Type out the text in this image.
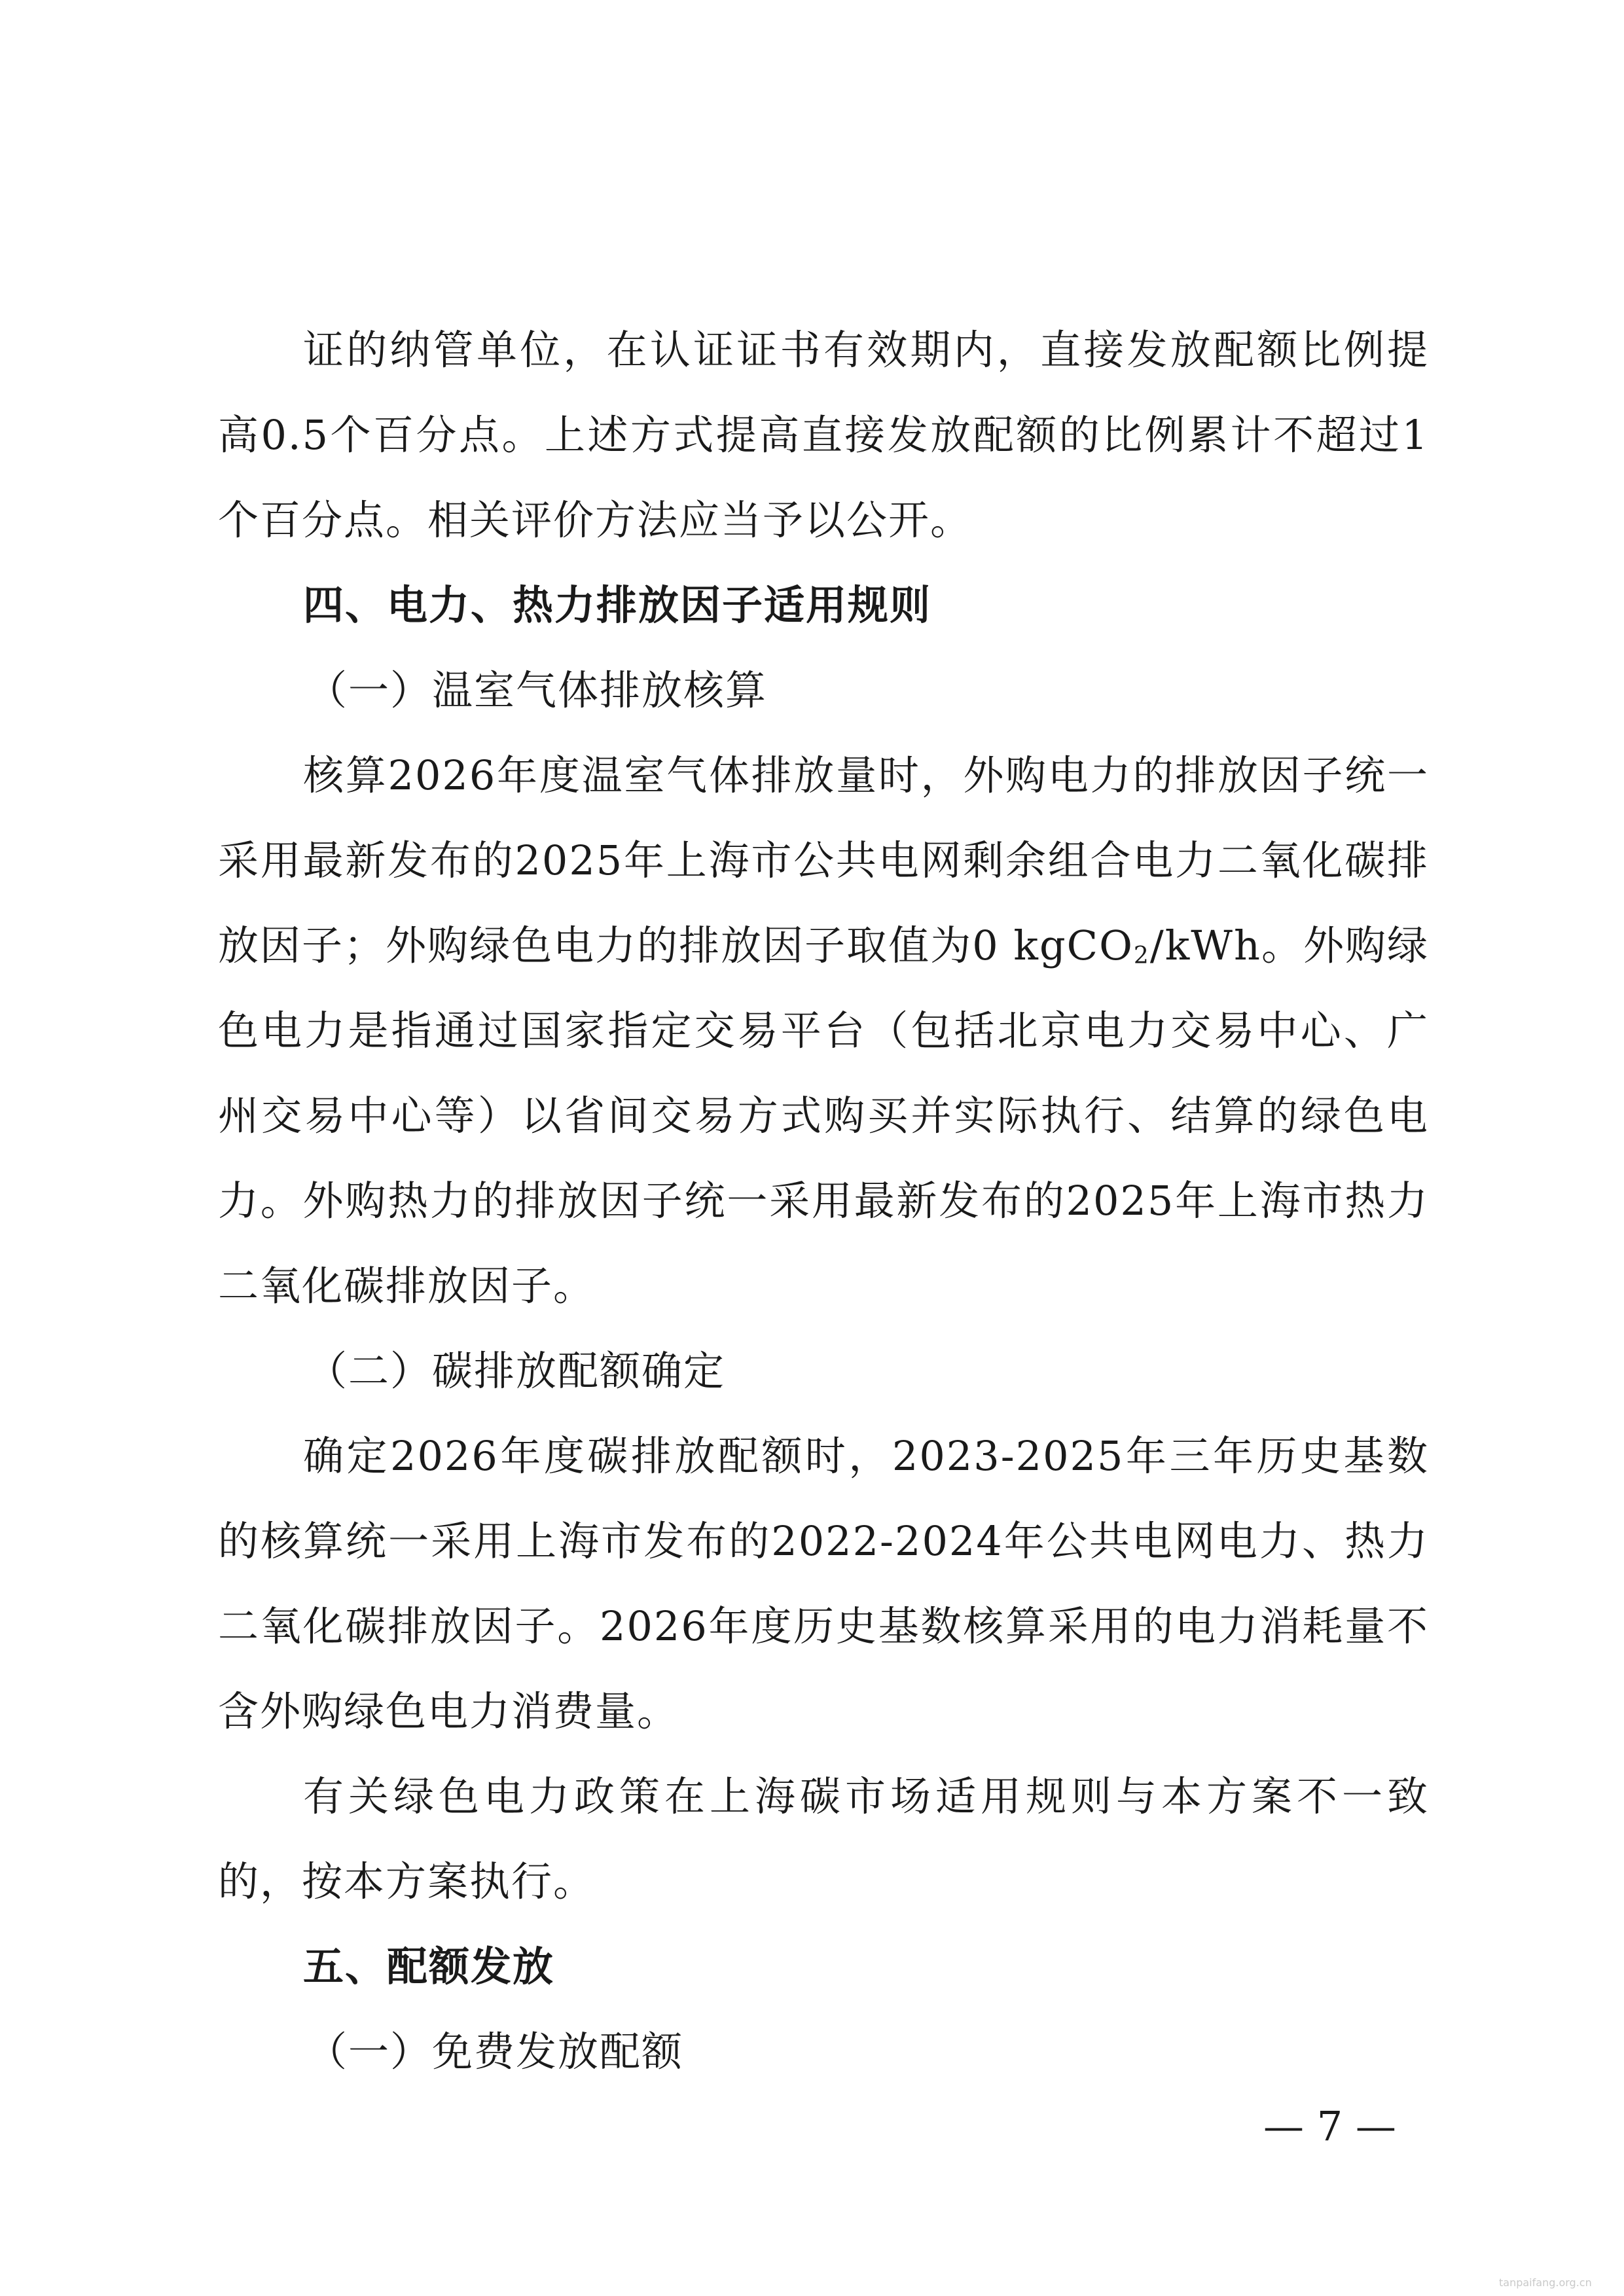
证的纳管单位，在认证证书有效期内，直接发放配额比例提高0.5个百分点。上述方式提高直接发放配额的比例累计不超过1个百分点。相关评价方法应当予以公开。

四、电力、热力排放因子适用规则

（一）温室气体排放核算

核算2026年度温室气体排放量时，外购电力的排放因子统一采用最新发布的2025年上海市公共电网剩余组合电力二氧化碳排放因子；外购绿色电力的排放因子取值为0 kgCO$_2$/kWh。外购绿色电力是指通过国家指定交易平台（包括北京电力交易中心、广州交易中心等）以省间交易方式购买并实际执行、结算的绿色电力。外购热力的排放因子统一采用最新发布的2025年上海市热力二氧化碳排放因子。

（二）碳排放配额确定

确定2026年度碳排放配额时，2023-2025年三年历史基数的核算统一采用上海市发布的2022-2024年公共电网电力、热力二氧化碳排放因子。2026年度历史基数核算采用的电力消耗量不含外购绿色电力消费量。

有关绿色电力政策在上海碳市场适用规则与本方案不一致的，按本方案执行。

五、配额发放

（一）免费发放配额

— 7 —
tanpaifang.org.cn
